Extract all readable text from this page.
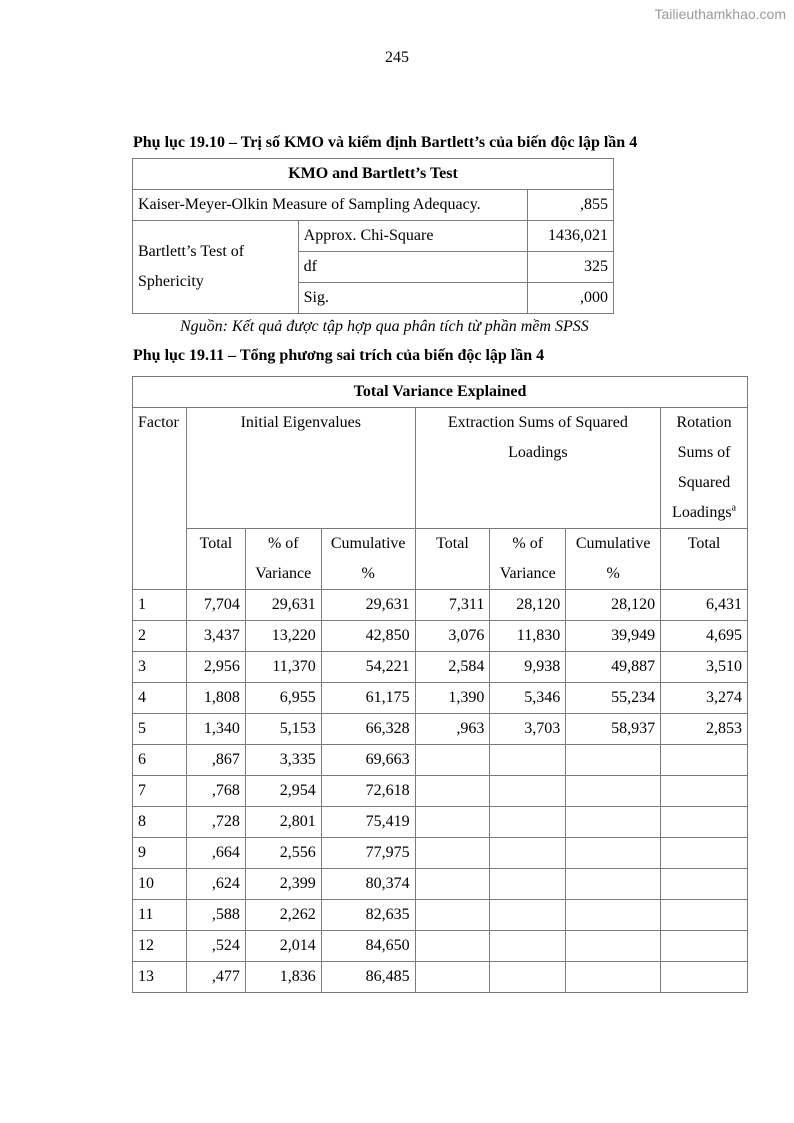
Tailieuthamkhao.com
245
Phụ lục 19.10 – Trị số KMO và kiểm định Bartlett’s của biến độc lập lần 4
KMO and Bartlett’s Test		
Kaiser-Meyer-Olkin Measure of Sampling Adequacy.		,855
Bartlett’s Test of Sphericity	Approx. Chi-Square	1436,021
	df	325
	Sig.	,000
Nguồn: Kết quả được tập hợp qua phân tích từ phần mềm SPSS
Phụ lục 19.11 – Tổng phương sai trích của biến độc lập lần 4
Total Variance Explained							
Factor	Initial Eigenvalues			Extraction Sums of Squared Loadings			Rotation Sums of Squared Loadings$^a$
	Total	% of Variance	Cumulative %	Total	% of Variance	Cumulative %	Total
1	7,704	29,631	29,631	7,311	28,120	28,120	6,431
2	3,437	13,220	42,850	3,076	11,830	39,949	4,695
3	2,956	11,370	54,221	2,584	9,938	49,887	3,510
4	1,808	6,955	61,175	1,390	5,346	55,234	3,274
5	1,340	5,153	66,328	,963	3,703	58,937	2,853
6	,867	3,335	69,663				
7	,768	2,954	72,618				
8	,728	2,801	75,419				
9	,664	2,556	77,975				
10	,624	2,399	80,374				
11	,588	2,262	82,635				
12	,524	2,014	84,650				
13	,477	1,836	86,485				
